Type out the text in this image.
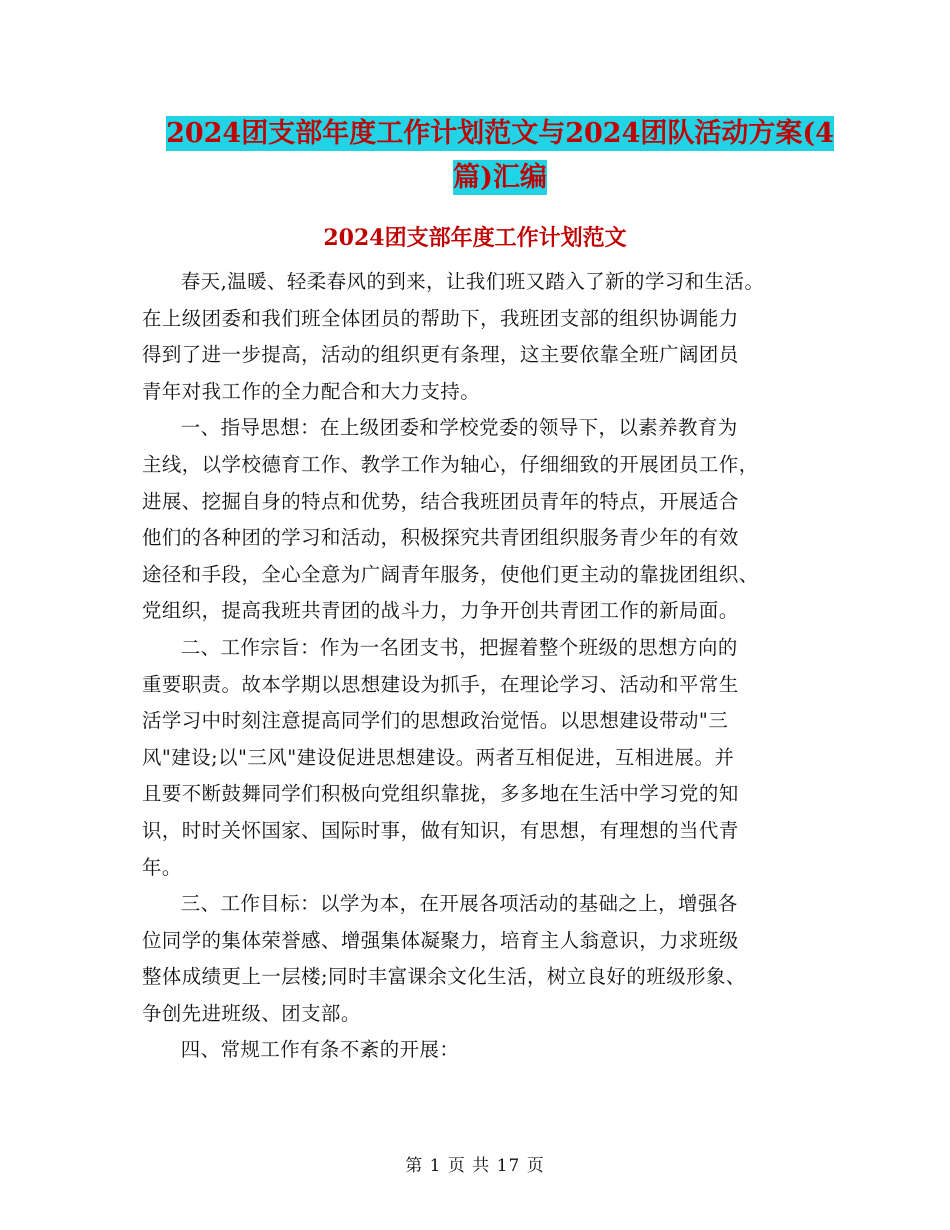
2024团支部年度工作计划范文与2024团队活动方案(4
篇)汇编
2024团支部年度工作计划范文

春天,温暖、轻柔春风的到来，让我们班又踏入了新的学习和生活。
在上级团委和我们班全体团员的帮助下，我班团支部的组织协调能力
得到了进一步提高，活动的组织更有条理，这主要依靠全班广阔团员
青年对我工作的全力配合和大力支持。

一、指导思想：在上级团委和学校党委的领导下，以素养教育为
主线，以学校德育工作、教学工作为轴心，仔细细致的开展团员工作，
进展、挖掘自身的特点和优势，结合我班团员青年的特点，开展适合
他们的各种团的学习和活动，积极探究共青团组织服务青少年的有效
途径和手段，全心全意为广阔青年服务，使他们更主动的靠拢团组织、
党组织，提高我班共青团的战斗力，力争开创共青团工作的新局面。

二、工作宗旨：作为一名团支书，把握着整个班级的思想方向的
重要职责。故本学期以思想建设为抓手，在理论学习、活动和平常生
活学习中时刻注意提高同学们的思想政治觉悟。以思想建设带动"三
风"建设;以"三风"建设促进思想建设。两者互相促进，互相进展。并
且要不断鼓舞同学们积极向党组织靠拢，多多地在生活中学习党的知
识，时时关怀国家、国际时事，做有知识，有思想，有理想的当代青
年。

三、工作目标：以学为本，在开展各项活动的基础之上，增强各
位同学的集体荣誉感、增强集体凝聚力，培育主人翁意识，力求班级
整体成绩更上一层楼;同时丰富课余文化生活，树立良好的班级形象、
争创先进班级、团支部。

四、常规工作有条不紊的开展：

第 1 页 共 17 页
